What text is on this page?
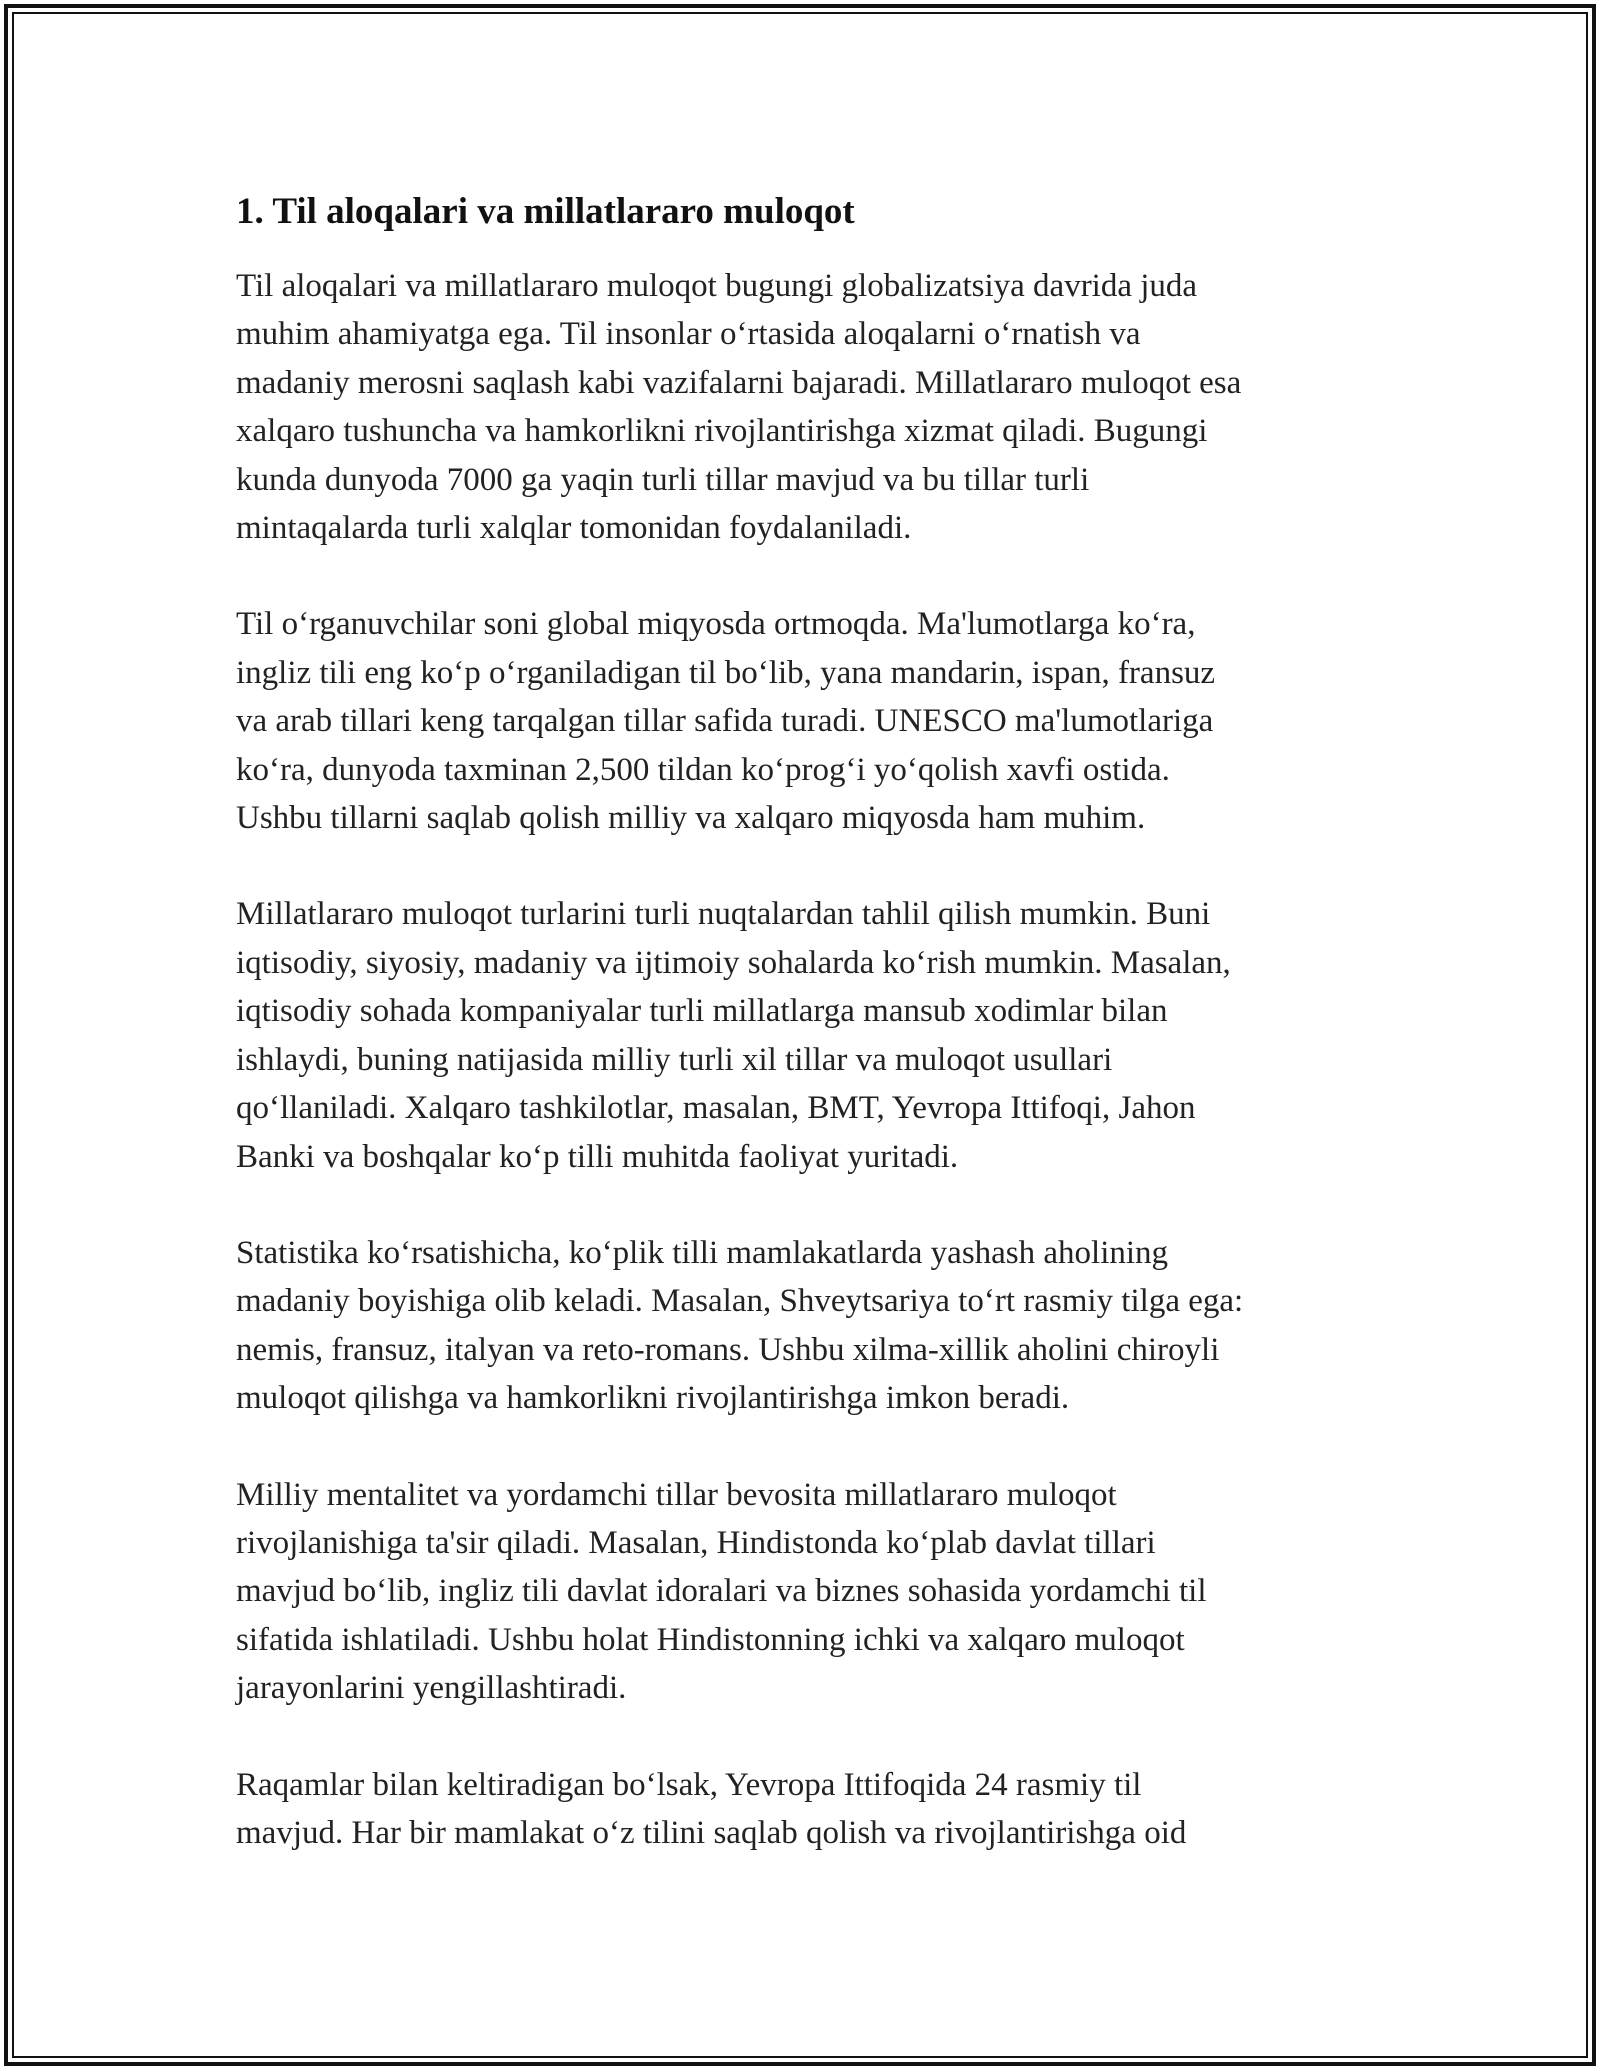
1. Til aloqalari va millatlararo muloqot

Til aloqalari va millatlararo muloqot bugungi globalizatsiya davrida juda
muhim ahamiyatga ega. Til insonlar o‘rtasida aloqalarni o‘rnatish va
madaniy merosni saqlash kabi vazifalarni bajaradi. Millatlararo muloqot esa
xalqaro tushuncha va hamkorlikni rivojlantirishga xizmat qiladi. Bugungi
kunda dunyoda 7000 ga yaqin turli tillar mavjud va bu tillar turli
mintaqalarda turli xalqlar tomonidan foydalaniladi.

Til o‘rganuvchilar soni global miqyosda ortmoqda. Ma'lumotlarga ko‘ra,
ingliz tili eng ko‘p o‘rganiladigan til bo‘lib, yana mandarin, ispan, fransuz
va arab tillari keng tarqalgan tillar safida turadi. UNESCO ma'lumotlariga
ko‘ra, dunyoda taxminan 2,500 tildan ko‘prog‘i yo‘qolish xavfi ostida.
Ushbu tillarni saqlab qolish milliy va xalqaro miqyosda ham muhim.

Millatlararo muloqot turlarini turli nuqtalardan tahlil qilish mumkin. Buni
iqtisodiy, siyosiy, madaniy va ijtimoiy sohalarda ko‘rish mumkin. Masalan,
iqtisodiy sohada kompaniyalar turli millatlarga mansub xodimlar bilan
ishlaydi, buning natijasida milliy turli xil tillar va muloqot usullari
qo‘llaniladi. Xalqaro tashkilotlar, masalan, BMT, Yevropa Ittifoqi, Jahon
Banki va boshqalar ko‘p tilli muhitda faoliyat yuritadi.

Statistika ko‘rsatishicha, ko‘plik tilli mamlakatlarda yashash aholining
madaniy boyishiga olib keladi. Masalan, Shveytsariya to‘rt rasmiy tilga ega:
nemis, fransuz, italyan va reto-romans. Ushbu xilma-xillik aholini chiroyli
muloqot qilishga va hamkorlikni rivojlantirishga imkon beradi.

Milliy mentalitet va yordamchi tillar bevosita millatlararo muloqot
rivojlanishiga ta'sir qiladi. Masalan, Hindistonda ko‘plab davlat tillari
mavjud bo‘lib, ingliz tili davlat idoralari va biznes sohasida yordamchi til
sifatida ishlatiladi. Ushbu holat Hindistonning ichki va xalqaro muloqot
jarayonlarini yengillashtiradi.

Raqamlar bilan keltiradigan bo‘lsak, Yevropa Ittifoqida 24 rasmiy til
mavjud. Har bir mamlakat o‘z tilini saqlab qolish va rivojlantirishga oid
